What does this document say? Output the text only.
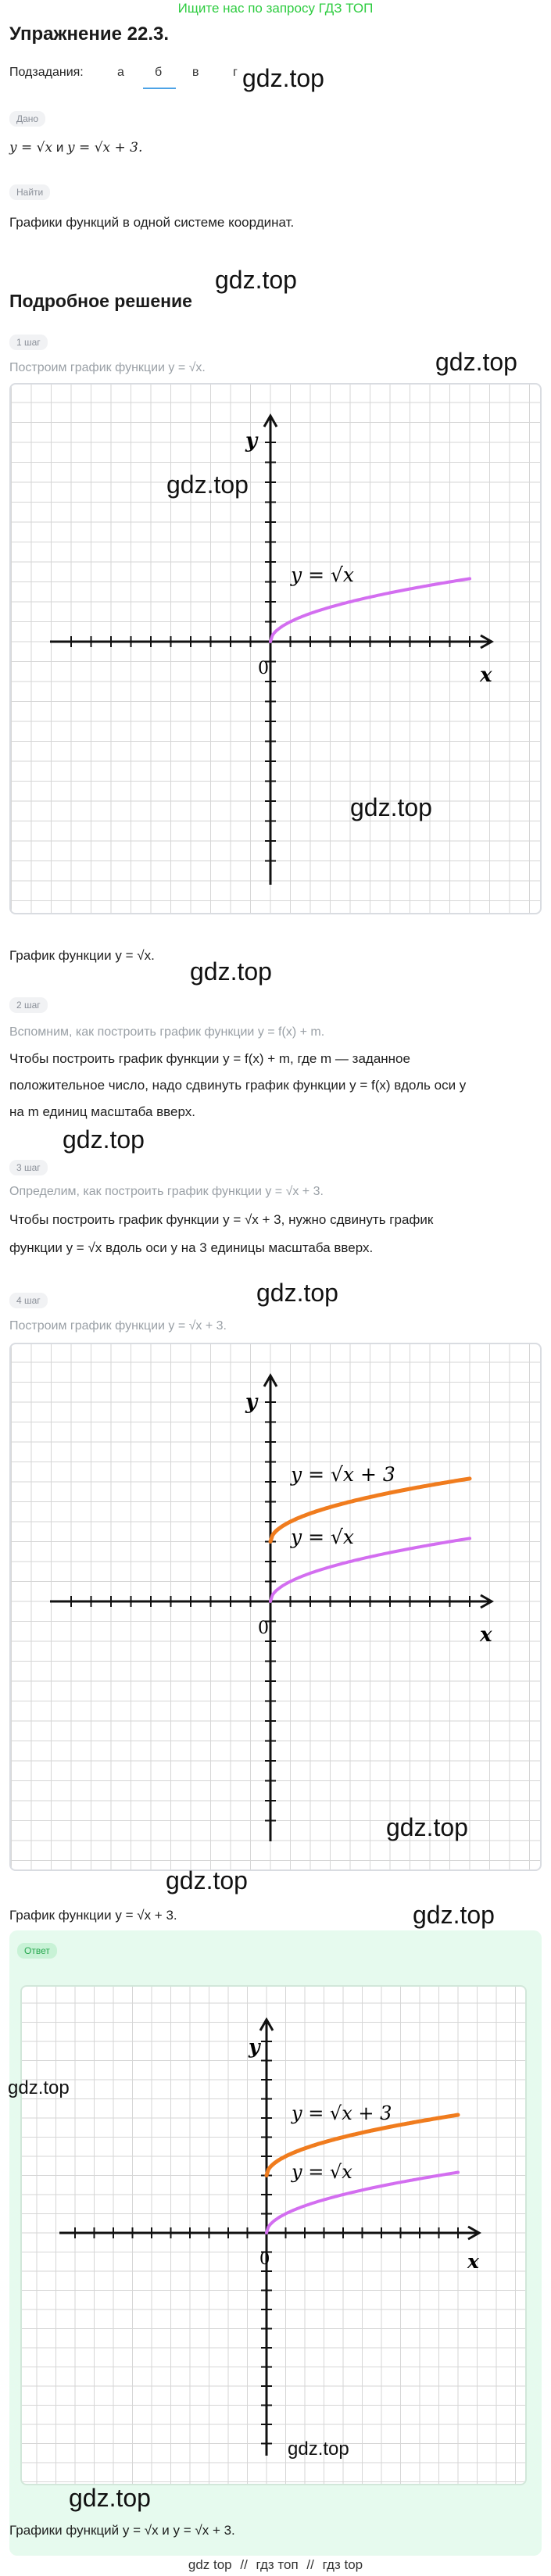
Ищите нас по запросу ГДЗ ТОП
Упражнение 22.3.
Подзадания:	а б в	г gdz.top
Дано
y = √x и y = √x + 3.
Найти
Графики функций в одной системе координат.
gdz.top
Подробное решение
1 шаг
Построим график функции y = √x.	gdz.top
y = √x
y
x
0
gdz.top
gdz.top
График функции y = √x.
gdz.top
2 шаг
Вспомним, как построить график функции y = f(x) + m.
Чтобы построить график функции y = f(x) + m, где m — заданное
положительное число, надо сдвинуть график функции y = f(x) вдоль оси y
на m единиц масштаба вверх.
gdz.top
3 шаг
Определим, как построить график функции y = √x + 3.
Чтобы построить график функции y = √x + 3, нужно сдвинуть график
функции y = √x вдоль оси y на 3 единицы масштаба вверх.
gdz.top
4 шаг
Построим график функции y = √x + 3.
y = √x + 3
y = √x
y
x
0
gdz.top
gdz.top
График функции y = √x + 3.	gdz.top
Ответ
y = √x + 3
y = √x
y
x
0
gdz.top
gdz.top
gdz.top
Графики функций y = √x и y = √x + 3.
gdz top // гдз топ // гдз top
